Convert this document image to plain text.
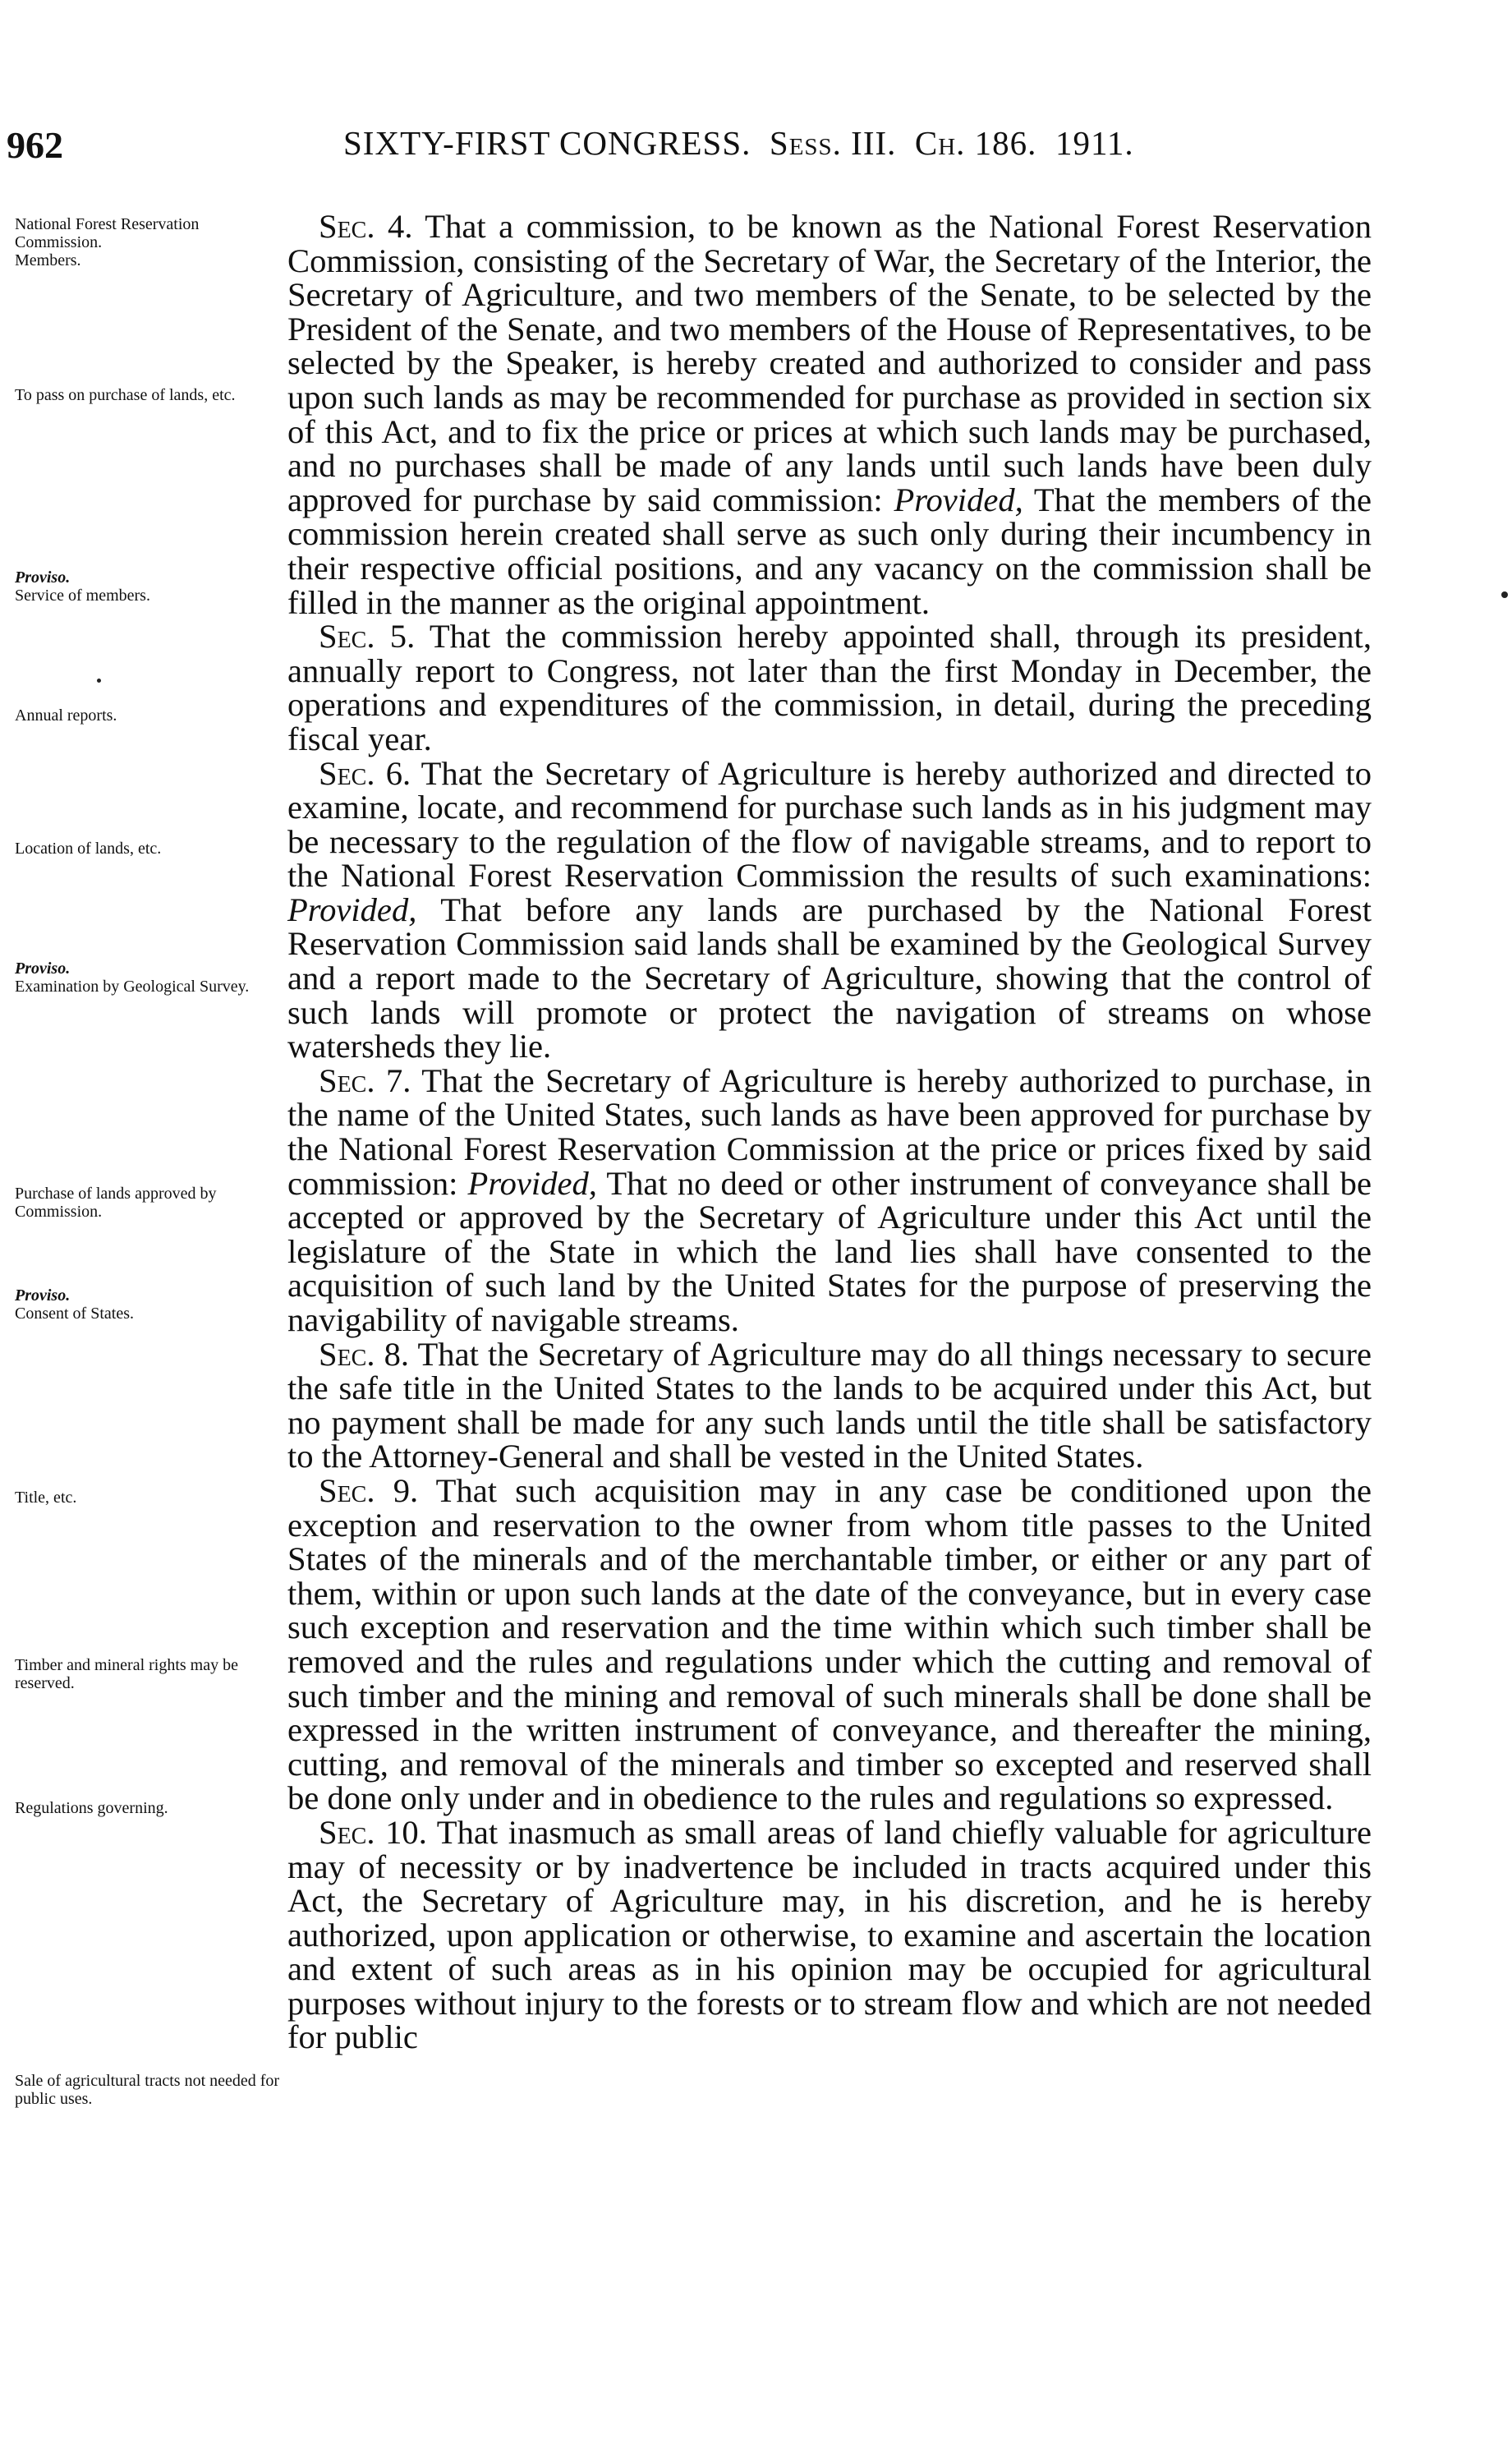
962	SIXTY-FIRST CONGRESS. Sess. III. Ch. 186. 1911.
National Forest Reservation Commission.
Members.
To pass on purchase of lands, etc.
Proviso.
Service of members.
Annual reports.
Location of lands, etc.
Proviso.
Examination by Geological Survey.
Purchase of lands approved by Commission.
Proviso.
Consent of States.
Title, etc.
Timber and mineral rights may be reserved.
Regulations governing.
Sale of agricultural tracts not needed for public uses.

Sec. 4. That a commission, to be known as the National Forest Reservation Commission, consisting of the Secretary of War, the Secretary of the Interior, the Secretary of Agriculture, and two members of the Senate, to be selected by the President of the Senate, and two members of the House of Representatives, to be selected by the Speaker, is hereby created and authorized to consider and pass upon such lands as may be recommended for purchase as provided in section six of this Act, and to fix the price or prices at which such lands may be purchased, and no purchases shall be made of any lands until such lands have been duly approved for purchase by said commission: Provided, That the members of the commission herein created shall serve as such only during their incumbency in their respective official positions, and any vacancy on the commission shall be filled in the manner as the original appointment.

Sec. 5. That the commission hereby appointed shall, through its president, annually report to Congress, not later than the first Monday in December, the operations and expenditures of the commission, in detail, during the preceding fiscal year.

Sec. 6. That the Secretary of Agriculture is hereby authorized and directed to examine, locate, and recommend for purchase such lands as in his judgment may be necessary to the regulation of the flow of navigable streams, and to report to the National Forest Reservation Commission the results of such examinations: Provided, That before any lands are purchased by the National Forest Reservation Commission said lands shall be examined by the Geological Survey and a report made to the Secretary of Agriculture, showing that the control of such lands will promote or protect the navigation of streams on whose watersheds they lie.

Sec. 7. That the Secretary of Agriculture is hereby authorized to purchase, in the name of the United States, such lands as have been approved for purchase by the National Forest Reservation Commission at the price or prices fixed by said commission: Provided, That no deed or other instrument of conveyance shall be accepted or approved by the Secretary of Agriculture under this Act until the legislature of the State in which the land lies shall have consented to the acquisition of such land by the United States for the purpose of preserving the navigability of navigable streams.

Sec. 8. That the Secretary of Agriculture may do all things necessary to secure the safe title in the United States to the lands to be acquired under this Act, but no payment shall be made for any such lands until the title shall be satisfactory to the Attorney-General and shall be vested in the United States.

Sec. 9. That such acquisition may in any case be conditioned upon the exception and reservation to the owner from whom title passes to the United States of the minerals and of the merchantable timber, or either or any part of them, within or upon such lands at the date of the conveyance, but in every case such exception and reservation and the time within which such timber shall be removed and the rules and regulations under which the cutting and removal of such timber and the mining and removal of such minerals shall be done shall be expressed in the written instrument of conveyance, and thereafter the mining, cutting, and removal of the minerals and timber so excepted and reserved shall be done only under and in obedience to the rules and regulations so expressed.

Sec. 10. That inasmuch as small areas of land chiefly valuable for agriculture may of necessity or by inadvertence be included in tracts acquired under this Act, the Secretary of Agriculture may, in his discretion, and he is hereby authorized, upon application or otherwise, to examine and ascertain the location and extent of such areas as in his opinion may be occupied for agricultural purposes without injury to the forests or to stream flow and which are not needed for public
